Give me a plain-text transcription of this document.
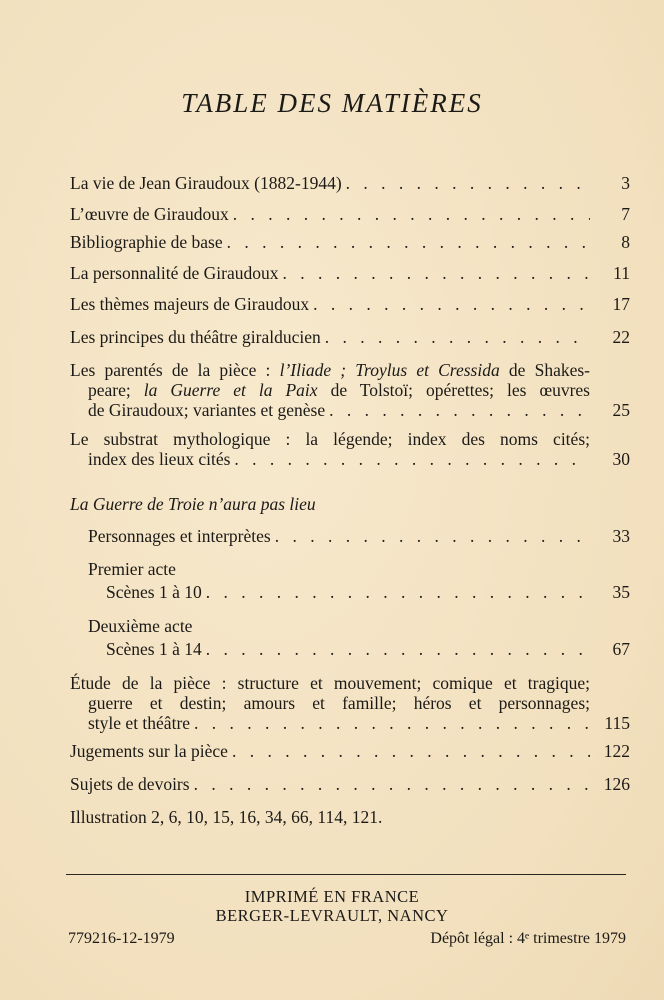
TABLE DES MATIÈRES
La vie de Jean Giraudoux (1882-1944) . . .	3
L’œuvre de Giraudoux . . .	7
Bibliographie de base . . .	8
La personnalité de Giraudoux . . .	11
Les thèmes majeurs de Giraudoux . . .	17
Les principes du théâtre giralducien . . .	22
Les parentés de la pièce : l’Iliade ; Troylus et Cressida de Shakes-
peare; la Guerre et la Paix de Tolstoï; opérettes; les œuvres
de Giraudoux; variantes et genèse . . .	25
Le substrat mythologique : la légende; index des noms cités;
index des lieux cités . . .	30
La Guerre de Troie n’aura pas lieu
Personnages et interprètes . . .	33
Premier acte
Scènes 1 à 10 . . .	35
Deuxième acte
Scènes 1 à 14 . . .	67
Étude de la pièce : structure et mouvement; comique et tragique;
guerre et destin; amours et famille; héros et personnages;
style et théâtre . . .	115
Jugements sur la pièce . . .	122
Sujets de devoirs . . .	126
Illustration 2, 6, 10, 15, 16, 34, 66, 114, 121.
IMPRIMÉ EN FRANCE
BERGER-LEVRAULT, NANCY
779216-12-1979	Dépôt légal : 4ᵉ trimestre 1979
